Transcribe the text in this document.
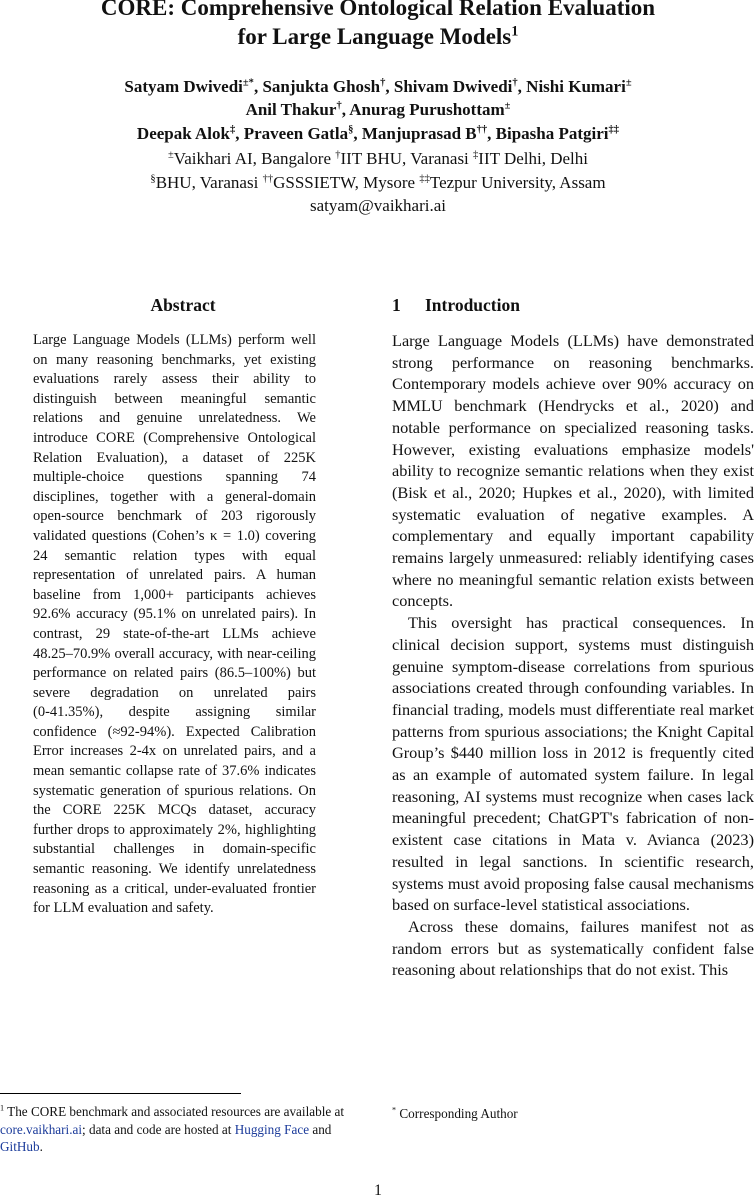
CORE: Comprehensive Ontological Relation Evaluation
for Large Language Models$^1$
Satyam Dwivedi±*, Sanjukta Ghosh†, Shivam Dwivedi†, Nishi Kumari±
Anil Thakur†, Anurag Purushottam±
Deepak Alok‡, Praveen Gatla§, Manjuprasad B††, Bipasha Patgiri‡‡
±Vaikhari AI, Bangalore †IIT BHU, Varanasi ‡IIT Delhi, Delhi
§BHU, Varanasi ††GSSSIETW, Mysore ‡‡Tezpur University, Assam
satyam@vaikhari.ai
Abstract

Large Language Models (LLMs) perform well on many reasoning benchmarks, yet existing evaluations rarely assess their ability to distinguish between meaningful semantic relations and genuine unrelatedness. We introduce CORE (Comprehensive Ontological Relation Evaluation), a dataset of 225K multiple-choice questions spanning 74 disciplines, together with a general-domain open-source benchmark of 203 rigorously validated questions (Cohen’s κ = 1.0) covering 24 semantic relation types with equal representation of unrelated pairs. A human baseline from 1,000+ participants achieves 92.6% accuracy (95.1% on unrelated pairs). In contrast, 29 state-of-the-art LLMs achieve 48.25–70.9% overall accuracy, with near-ceiling performance on related pairs (86.5–100%) but severe degradation on unrelated pairs (0‑41.35%), despite assigning similar confidence (≈92‑94%). Expected Calibration Error increases 2‑4x on unrelated pairs, and a mean semantic collapse rate of 37.6% indicates systematic generation of spurious relations. On the CORE 225K MCQs dataset, accuracy further drops to approximately 2%, highlighting substantial challenges in domain-specific semantic reasoning. We identify unrelatedness reasoning as a critical, under-evaluated frontier for LLM evaluation and safety.

1 Introduction

Large Language Models (LLMs) have demonstrated strong performance on reasoning benchmarks. Contemporary models achieve over 90% accuracy on MMLU benchmark (Hendrycks et al., 2020) and notable performance on specialized reasoning tasks. However, existing evaluations emphasize models' ability to recognize semantic relations when they exist (Bisk et al., 2020; Hupkes et al., 2020), with limited systematic evaluation of negative examples. A complementary and equally important capability remains largely unmeasured: reliably identifying cases where no meaningful semantic relation exists between concepts.

This oversight has practical consequences. In clinical decision support, systems must distinguish genuine symptom-disease correlations from spurious associations created through confounding variables. In financial trading, models must differentiate real market patterns from spurious associations; the Knight Capital Group’s $440 million loss in 2012 is frequently cited as an example of automated system failure. In legal reasoning, AI systems must recognize when cases lack meaningful precedent; ChatGPT's fabrication of non-existent case citations in Mata v. Avianca (2023) resulted in legal sanctions. In scientific research, systems must avoid proposing false causal mechanisms based on surface-level statistical associations.

Across these domains, failures manifest not as random errors but as systematically confident false reasoning about relationships that do not exist. This

$^1$ The CORE benchmark and associated resources are available at core.vaikhari.ai; data and code are hosted at Hugging Face and GitHub.

* Corresponding Author

1
